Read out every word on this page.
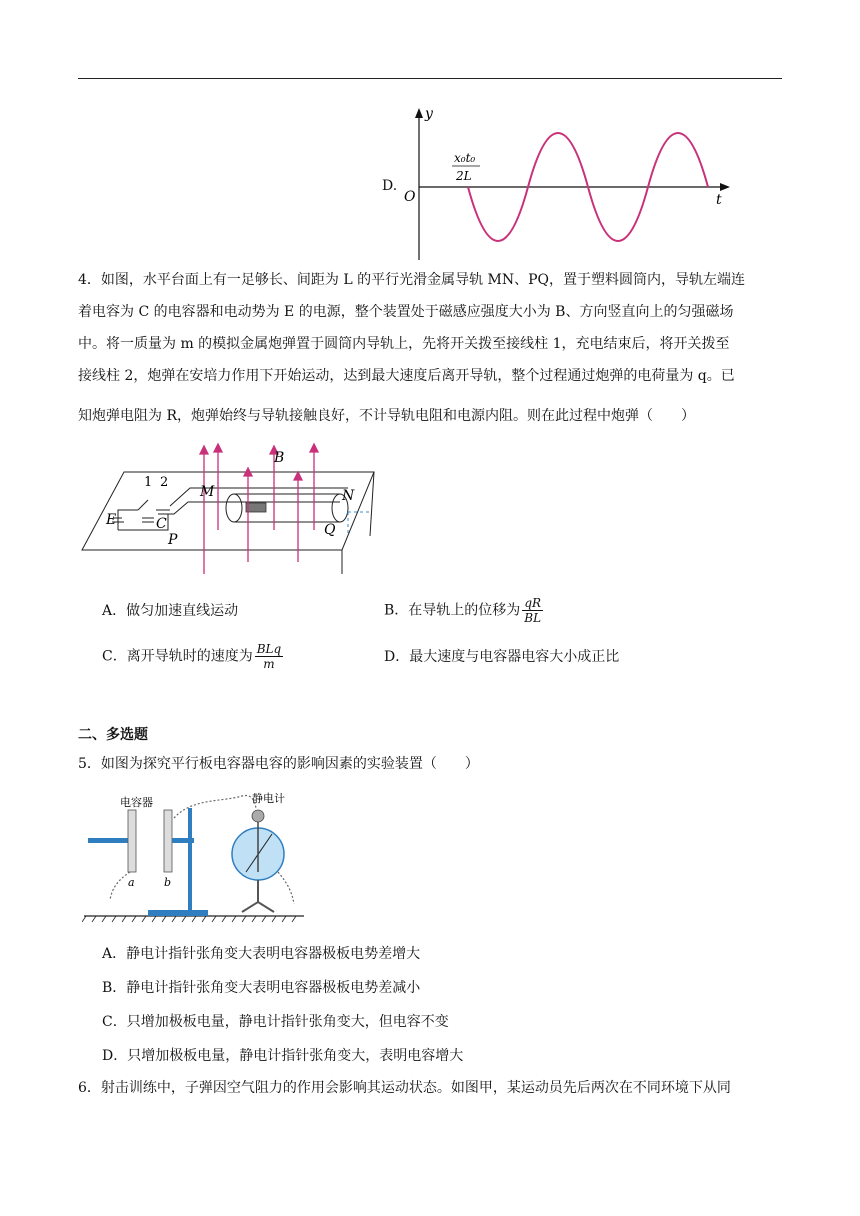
D.
y
t
O
x₀t₀
2L
4．如图，水平台面上有一足够长、间距为 L 的平行光滑金属导轨 MN、PQ，置于塑料圆筒内，导轨左端连
着电容为 C 的电容器和电动势为 E 的电源，整个装置处于磁感应强度大小为 B、方向竖直向上的匀强磁场
中。将一质量为 m 的模拟金属炮弹置于圆筒内导轨上，先将开关拨至接线柱 1，充电结束后，将开关拨至
接线柱 2，炮弹在安培力作用下开始运动，达到最大速度后离开导轨，整个过程通过炮弹的电荷量为 q。已
知炮弹电阻为 R，炮弹始终与导轨接触良好，不计导轨电阻和电源内阻。则在此过程中炮弹（　　）
B
M	N
Q
P
E	C
1 2
A．做匀加速直线运动	B．在导轨上的位移为 $\frac{qR}{BL}$
C．离开导轨时的速度为 $\frac{\text{BLq}}{m}$	D．最大速度与电容器电容大小成正比
二、多选题
5．如图为探究平行板电容器电容的影响因素的实验装置（　　）
电容器	静电计
a	b
A．静电计指针张角变大表明电容器极板电势差增大
B．静电计指针张角变大表明电容器极板电势差减小
C．只增加极板电量，静电计指针张角变大，但电容不变
D．只增加极板电量，静电计指针张角变大，表明电容增大
6．射击训练中，子弹因空气阻力的作用会影响其运动状态。如图甲，某运动员先后两次在不同环境下从同
